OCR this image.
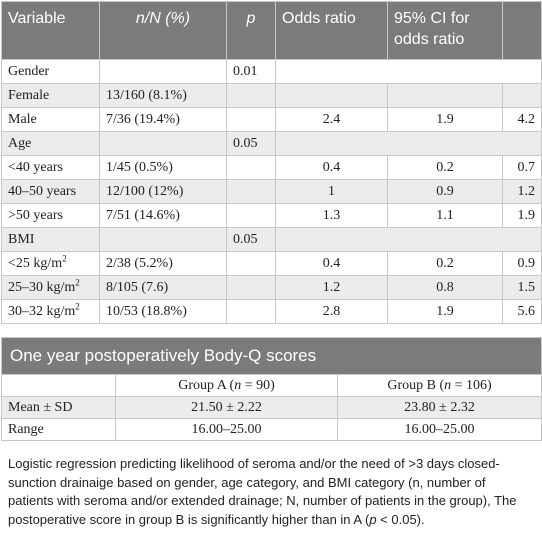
Variable	n/N (%)	p	Odds ratio	95% CI for
odds ratio	
Gender		0.01			
Female	13/160 (8.1%)				
Male	7/36 (19.4%)		2.4	1.9	4.2
Age		0.05			
<40 years	1/45 (0.5%)		0.4	0.2	0.7
40–50 years	12/100 (12%)		1	0.9	1.2
>50 years	7/51 (14.6%)		1.3	1.1	1.9
BMI		0.05			
<25 $kg/m^2$	2/38 (5.2%)		0.4	0.2	0.9
25–30 $kg/m^2$	8/105 (7.6)		1.2	0.8	1.5
30–32 $kg/m^2$	10/53 (18.8%)		2.8	1.9	5.6
One year postoperatively Body-Q scores		
	Group A (n = 90)	Group B (n = 106)
Mean ± SD	21.50 ± 2.22	23.80 ± 2.32
Range	16.00–25.00	16.00–25.00

Logistic regression predicting likelihood of seroma and/or the need of >3 days closed-sunction drainaige based on gender, age category, and BMI category (n, number of patients with seroma and/or extended drainage; N, number of patients in the group), The postoperative score in group B is significantly higher than in A (p < 0.05).
